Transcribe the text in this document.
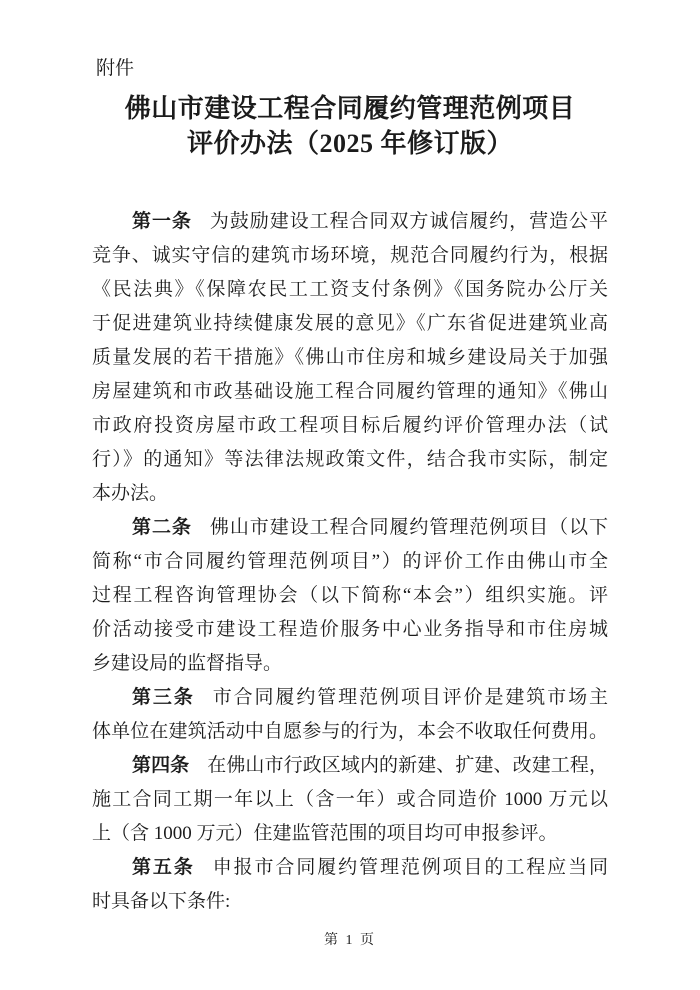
附件
佛山市建设工程合同履约管理范例项目
评价办法（2025 年修订版）
第一条 为鼓励建设工程合同双方诚信履约，营造公平
竞争、诚实守信的建筑市场环境，规范合同履约行为，根据
《民法典》《保障农民工工资支付条例》《国务院办公厅关
于促进建筑业持续健康发展的意见》《广东省促进建筑业高
质量发展的若干措施》《佛山市住房和城乡建设局关于加强
房屋建筑和市政基础设施工程合同履约管理的通知》《佛山
市政府投资房屋市政工程项目标后履约评价管理办法（试
行）》的通知》等法律法规政策文件，结合我市实际，制定
本办法。
第二条 佛山市建设工程合同履约管理范例项目（以下
简称“市合同履约管理范例项目”）的评价工作由佛山市全
过程工程咨询管理协会（以下简称“本会”）组织实施。评
价活动接受市建设工程造价服务中心业务指导和市住房城
乡建设局的监督指导。
第三条 市合同履约管理范例项目评价是建筑市场主
体单位在建筑活动中自愿参与的行为，本会不收取任何费用。
第四条 在佛山市行政区域内的新建、扩建、改建工程，
施工合同工期一年以上（含一年）或合同造价 1000 万元以
上（含 1000 万元）住建监管范围的项目均可申报参评。
第五条 申报市合同履约管理范例项目的工程应当同
时具备以下条件:
第 1 页
